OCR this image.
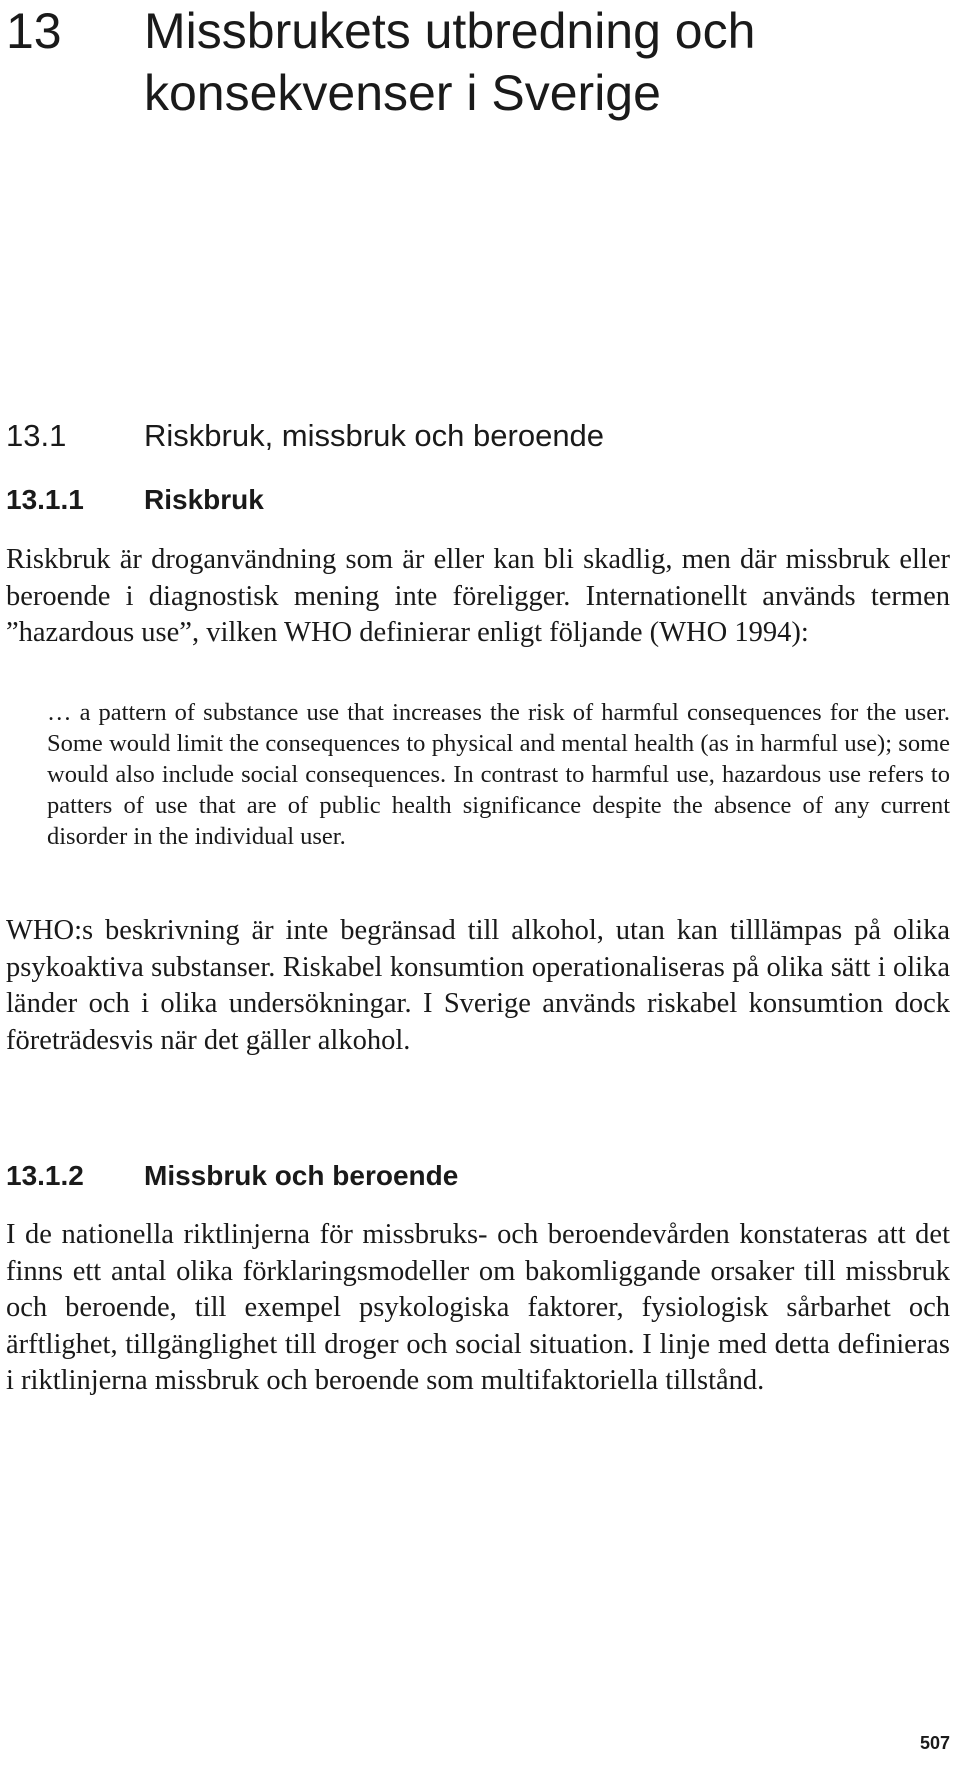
13 Missbrukets utbredning och konsekvenser i Sverige
13.1	Riskbruk, missbruk och beroende
13.1.1 Riskbruk

Riskbruk är droganvändning som är eller kan bli skadlig, men där missbruk eller beroende i diagnostisk mening inte föreligger. Internationellt används termen ”hazardous use”, vilken WHO definierar enligt följande (WHO 1994):

… a pattern of substance use that increases the risk of harmful consequences for the user. Some would limit the consequences to physical and mental health (as in harmful use); some would also include social consequences. In contrast to harmful use, hazardous use refers to patters of use that are of public health significance despite the absence of any current disorder in the individual user.

WHO:s beskrivning är inte begränsad till alkohol, utan kan tilllämpas på olika psykoaktiva substanser. Riskabel konsumtion operationaliseras på olika sätt i olika länder och i olika undersökningar. I Sverige används riskabel konsumtion dock företrädesvis när det gäller alkohol.

13.1.2 Missbruk och beroende

I de nationella riktlinjerna för missbruks- och beroendevården konstateras att det finns ett antal olika förklaringsmodeller om bakomliggande orsaker till missbruk och beroende, till exempel psykologiska faktorer, fysiologisk sårbarhet och ärftlighet, tillgänglighet till droger och social situation. I linje med detta definieras i riktlinjerna missbruk och beroende som multifaktoriella tillstånd.

507
